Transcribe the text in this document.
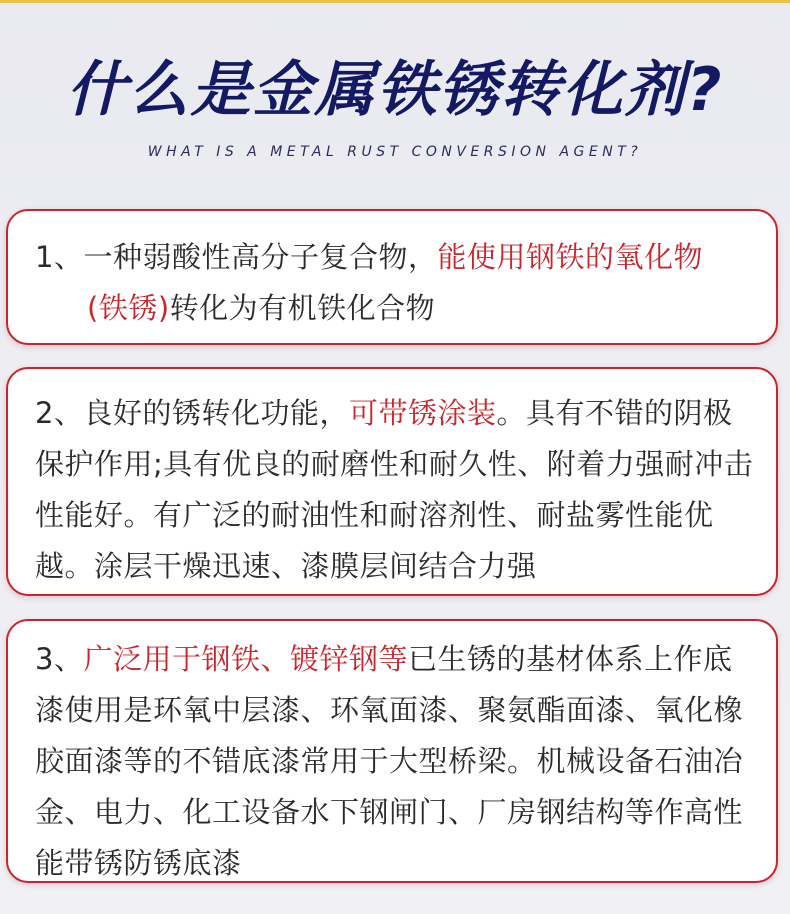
什么是金属铁锈转化剂?
WHAT IS A METAL RUST CONVERSION AGENT?
1、一种弱酸性高分子复合物，能使用钢铁的氧化物
(铁锈)转化为有机铁化合物
2、良好的锈转化功能，可带锈涂装。具有不错的阴极保护作用;具有优良的耐磨性和耐久性、附着力强耐冲击性能好。有广泛的耐油性和耐溶剂性、耐盐雾性能优越。涂层干燥迅速、漆膜层间结合力强
3、广泛用于钢铁、镀锌钢等已生锈的基材体系上作底漆使用是环氧中层漆、环氧面漆、聚氨酯面漆、氧化橡胶面漆等的不错底漆常用于大型桥梁。机械设备石油冶金、电力、化工设备水下钢闸门、厂房钢结构等作高性能带锈防锈底漆
